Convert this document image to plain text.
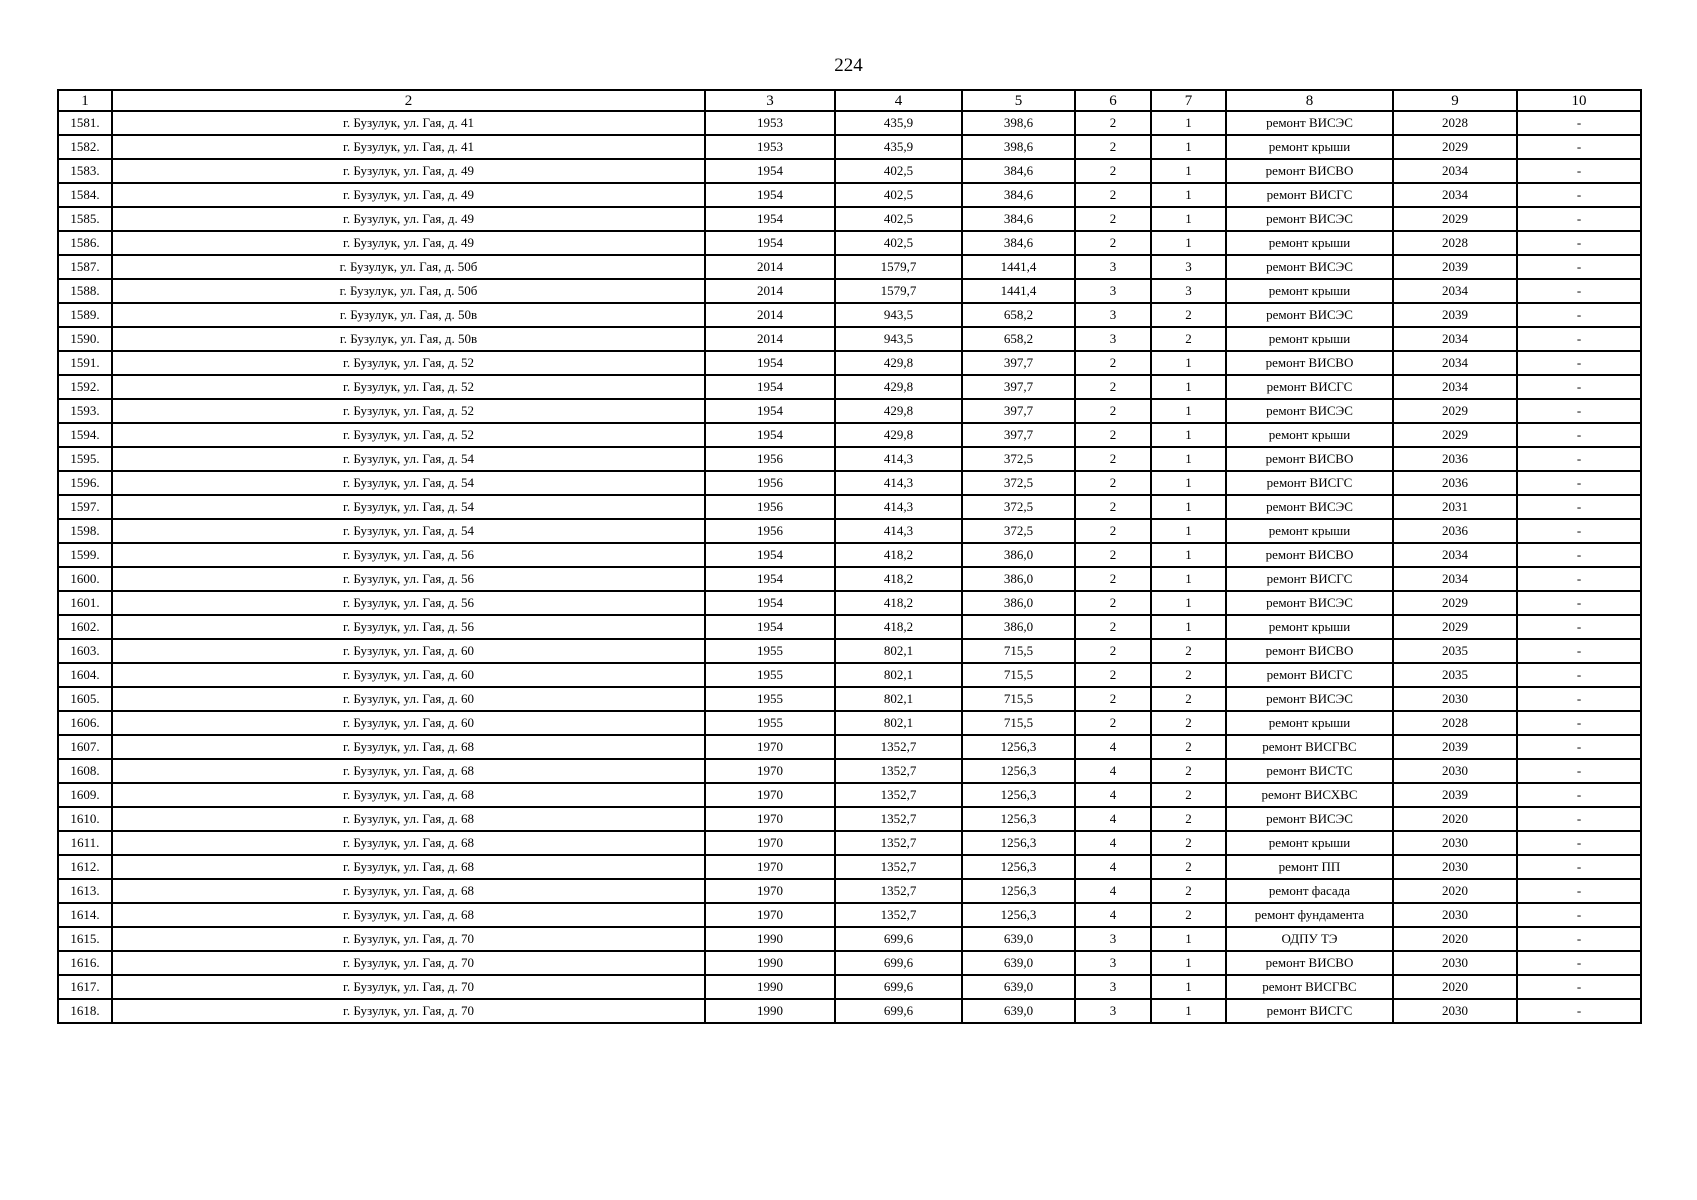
224
1	2	3	4	5	6	7	8	9	10
1581.	г. Бузулук, ул. Гая, д. 41	1953	435,9	398,6	2	1	ремонт ВИСЭС	2028	-
1582.	г. Бузулук, ул. Гая, д. 41	1953	435,9	398,6	2	1	ремонт крыши	2029	-
1583.	г. Бузулук, ул. Гая, д. 49	1954	402,5	384,6	2	1	ремонт ВИСВО	2034	-
1584.	г. Бузулук, ул. Гая, д. 49	1954	402,5	384,6	2	1	ремонт ВИСГС	2034	-
1585.	г. Бузулук, ул. Гая, д. 49	1954	402,5	384,6	2	1	ремонт ВИСЭС	2029	-
1586.	г. Бузулук, ул. Гая, д. 49	1954	402,5	384,6	2	1	ремонт крыши	2028	-
1587.	г. Бузулук, ул. Гая, д. 50б	2014	1579,7	1441,4	3	3	ремонт ВИСЭС	2039	-
1588.	г. Бузулук, ул. Гая, д. 50б	2014	1579,7	1441,4	3	3	ремонт крыши	2034	-
1589.	г. Бузулук, ул. Гая, д. 50в	2014	943,5	658,2	3	2	ремонт ВИСЭС	2039	-
1590.	г. Бузулук, ул. Гая, д. 50в	2014	943,5	658,2	3	2	ремонт крыши	2034	-
1591.	г. Бузулук, ул. Гая, д. 52	1954	429,8	397,7	2	1	ремонт ВИСВО	2034	-
1592.	г. Бузулук, ул. Гая, д. 52	1954	429,8	397,7	2	1	ремонт ВИСГС	2034	-
1593.	г. Бузулук, ул. Гая, д. 52	1954	429,8	397,7	2	1	ремонт ВИСЭС	2029	-
1594.	г. Бузулук, ул. Гая, д. 52	1954	429,8	397,7	2	1	ремонт крыши	2029	-
1595.	г. Бузулук, ул. Гая, д. 54	1956	414,3	372,5	2	1	ремонт ВИСВО	2036	-
1596.	г. Бузулук, ул. Гая, д. 54	1956	414,3	372,5	2	1	ремонт ВИСГС	2036	-
1597.	г. Бузулук, ул. Гая, д. 54	1956	414,3	372,5	2	1	ремонт ВИСЭС	2031	-
1598.	г. Бузулук, ул. Гая, д. 54	1956	414,3	372,5	2	1	ремонт крыши	2036	-
1599.	г. Бузулук, ул. Гая, д. 56	1954	418,2	386,0	2	1	ремонт ВИСВО	2034	-
1600.	г. Бузулук, ул. Гая, д. 56	1954	418,2	386,0	2	1	ремонт ВИСГС	2034	-
1601.	г. Бузулук, ул. Гая, д. 56	1954	418,2	386,0	2	1	ремонт ВИСЭС	2029	-
1602.	г. Бузулук, ул. Гая, д. 56	1954	418,2	386,0	2	1	ремонт крыши	2029	-
1603.	г. Бузулук, ул. Гая, д. 60	1955	802,1	715,5	2	2	ремонт ВИСВО	2035	-
1604.	г. Бузулук, ул. Гая, д. 60	1955	802,1	715,5	2	2	ремонт ВИСГС	2035	-
1605.	г. Бузулук, ул. Гая, д. 60	1955	802,1	715,5	2	2	ремонт ВИСЭС	2030	-
1606.	г. Бузулук, ул. Гая, д. 60	1955	802,1	715,5	2	2	ремонт крыши	2028	-
1607.	г. Бузулук, ул. Гая, д. 68	1970	1352,7	1256,3	4	2	ремонт ВИСГВС	2039	-
1608.	г. Бузулук, ул. Гая, д. 68	1970	1352,7	1256,3	4	2	ремонт ВИСТС	2030	-
1609.	г. Бузулук, ул. Гая, д. 68	1970	1352,7	1256,3	4	2	ремонт ВИСХВС	2039	-
1610.	г. Бузулук, ул. Гая, д. 68	1970	1352,7	1256,3	4	2	ремонт ВИСЭС	2020	-
1611.	г. Бузулук, ул. Гая, д. 68	1970	1352,7	1256,3	4	2	ремонт крыши	2030	-
1612.	г. Бузулук, ул. Гая, д. 68	1970	1352,7	1256,3	4	2	ремонт ПП	2030	-
1613.	г. Бузулук, ул. Гая, д. 68	1970	1352,7	1256,3	4	2	ремонт фасада	2020	-
1614.	г. Бузулук, ул. Гая, д. 68	1970	1352,7	1256,3	4	2	ремонт фундамента	2030	-
1615.	г. Бузулук, ул. Гая, д. 70	1990	699,6	639,0	3	1	ОДПУ ТЭ	2020	-
1616.	г. Бузулук, ул. Гая, д. 70	1990	699,6	639,0	3	1	ремонт ВИСВО	2030	-
1617.	г. Бузулук, ул. Гая, д. 70	1990	699,6	639,0	3	1	ремонт ВИСГВС	2020	-
1618.	г. Бузулук, ул. Гая, д. 70	1990	699,6	639,0	3	1	ремонт ВИСГС	2030	-
